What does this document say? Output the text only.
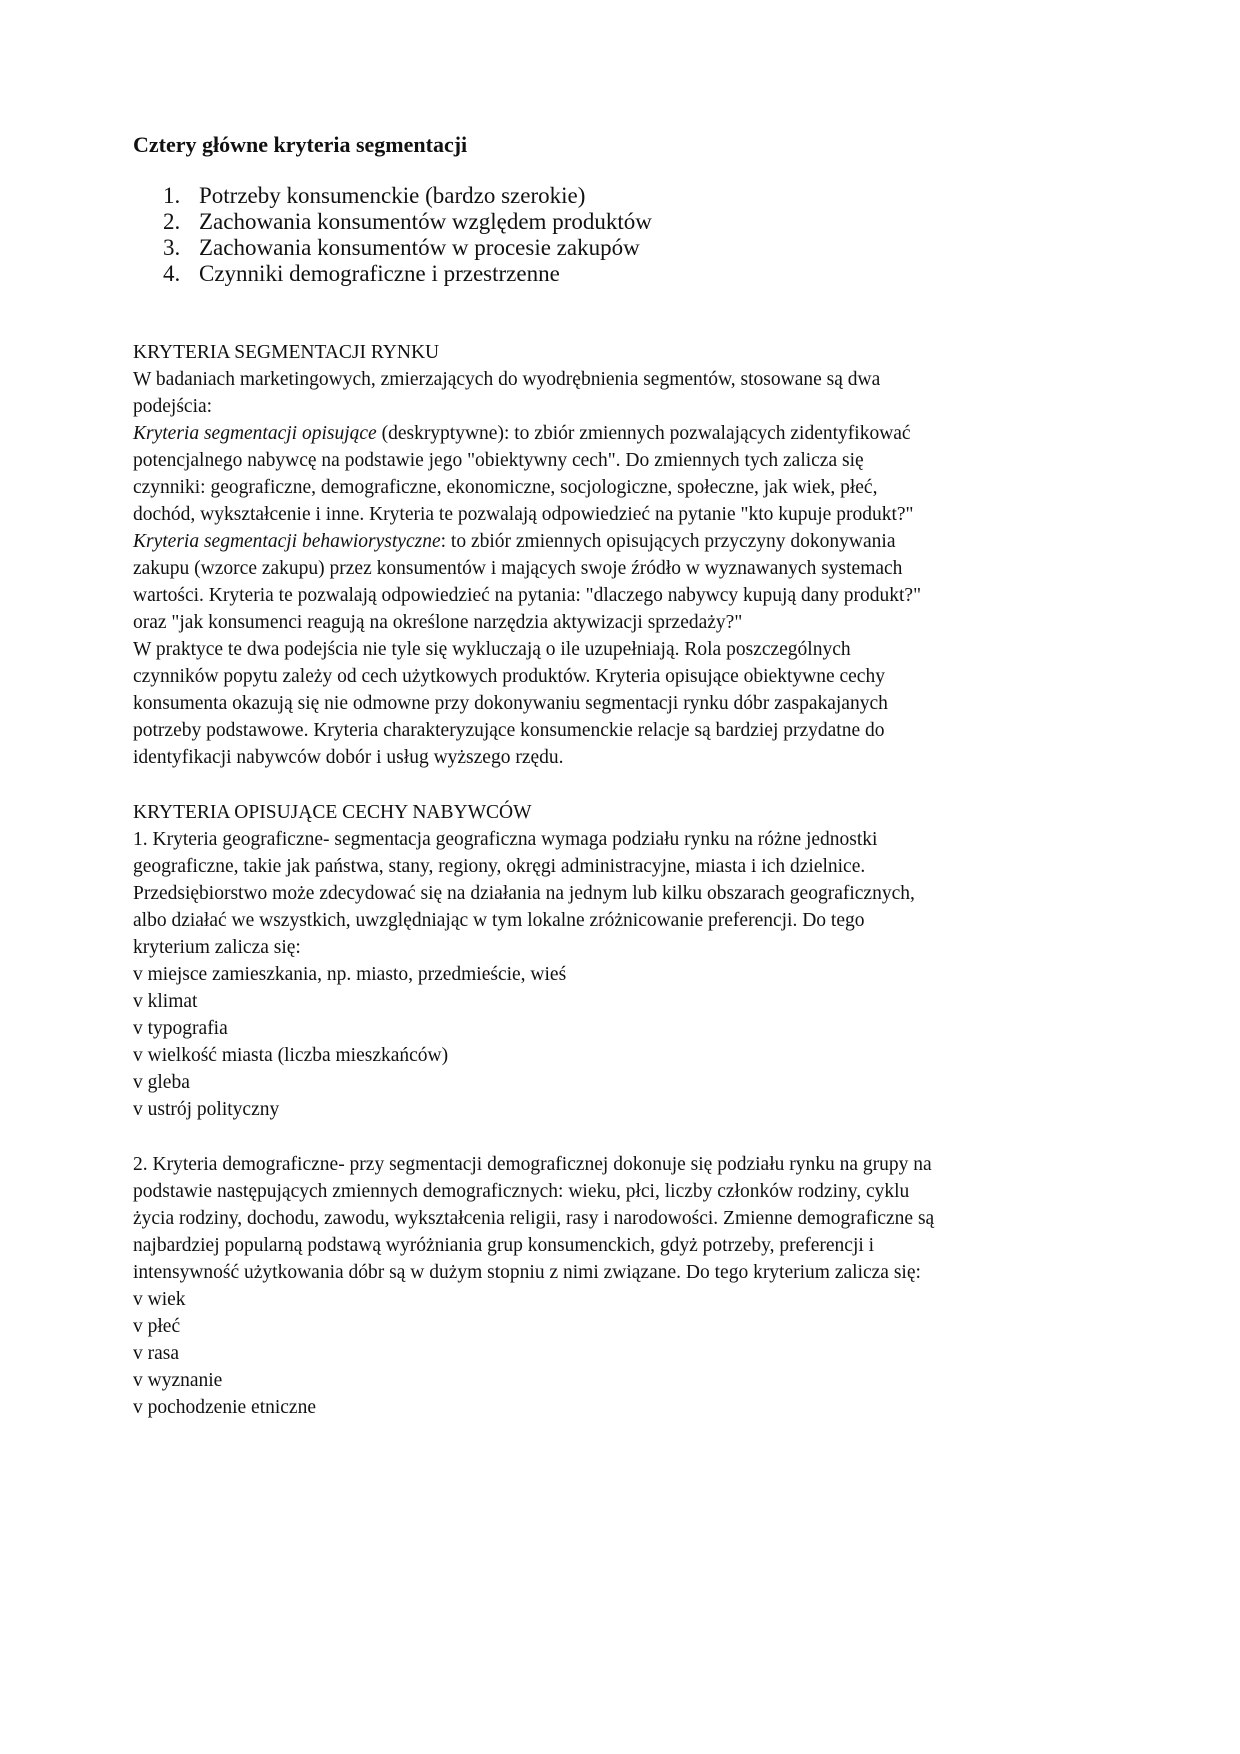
Cztery główne kryteria segmentacji
1. Potrzeby konsumenckie (bardzo szerokie)
2. Zachowania konsumentów względem produktów
3. Zachowania konsumentów w procesie zakupów
4. Czynniki demograficzne i przestrzenne
KRYTERIA SEGMENTACJI RYNKU
W badaniach marketingowych, zmierzających do wyodrębnienia segmentów, stosowane są dwa
podejścia:
Kryteria segmentacji opisujące (deskryptywne): to zbiór zmiennych pozwalających zidentyfikować
potencjalnego nabywcę na podstawie jego "obiektywny cech". Do zmiennych tych zalicza się
czynniki: geograficzne, demograficzne, ekonomiczne, socjologiczne, społeczne, jak wiek, płeć,
dochód, wykształcenie i inne. Kryteria te pozwalają odpowiedzieć na pytanie "kto kupuje produkt?"
Kryteria segmentacji behawiorystyczne: to zbiór zmiennych opisujących przyczyny dokonywania
zakupu (wzorce zakupu) przez konsumentów i mających swoje źródło w wyznawanych systemach
wartości. Kryteria te pozwalają odpowiedzieć na pytania: "dlaczego nabywcy kupują dany produkt?"
oraz "jak konsumenci reagują na określone narzędzia aktywizacji sprzedaży?"
W praktyce te dwa podejścia nie tyle się wykluczają o ile uzupełniają. Rola poszczególnych
czynników popytu zależy od cech użytkowych produktów. Kryteria opisujące obiektywne cechy
konsumenta okazują się nie odmowne przy dokonywaniu segmentacji rynku dóbr zaspakajanych
potrzeby podstawowe. Kryteria charakteryzujące konsumenckie relacje są bardziej przydatne do
identyfikacji nabywców dobór i usług wyższego rzędu.
KRYTERIA OPISUJĄCE CECHY NABYWCÓW
1. Kryteria geograficzne- segmentacja geograficzna wymaga podziału rynku na różne jednostki
geograficzne, takie jak państwa, stany, regiony, okręgi administracyjne, miasta i ich dzielnice.
Przedsiębiorstwo może zdecydować się na działania na jednym lub kilku obszarach geograficznych,
albo działać we wszystkich, uwzględniając w tym lokalne zróżnicowanie preferencji. Do tego
kryterium zalicza się:
v miejsce zamieszkania, np. miasto, przedmieście, wieś
v klimat
v typografia
v wielkość miasta (liczba mieszkańców)
v gleba
v ustrój polityczny
2. Kryteria demograficzne- przy segmentacji demograficznej dokonuje się podziału rynku na grupy na
podstawie następujących zmiennych demograficznych: wieku, płci, liczby członków rodziny, cyklu
życia rodziny, dochodu, zawodu, wykształcenia religii, rasy i narodowości. Zmienne demograficzne są
najbardziej popularną podstawą wyróżniania grup konsumenckich, gdyż potrzeby, preferencji i
intensywność użytkowania dóbr są w dużym stopniu z nimi związane. Do tego kryterium zalicza się:
v wiek
v płeć
v rasa
v wyznanie
v pochodzenie etniczne
